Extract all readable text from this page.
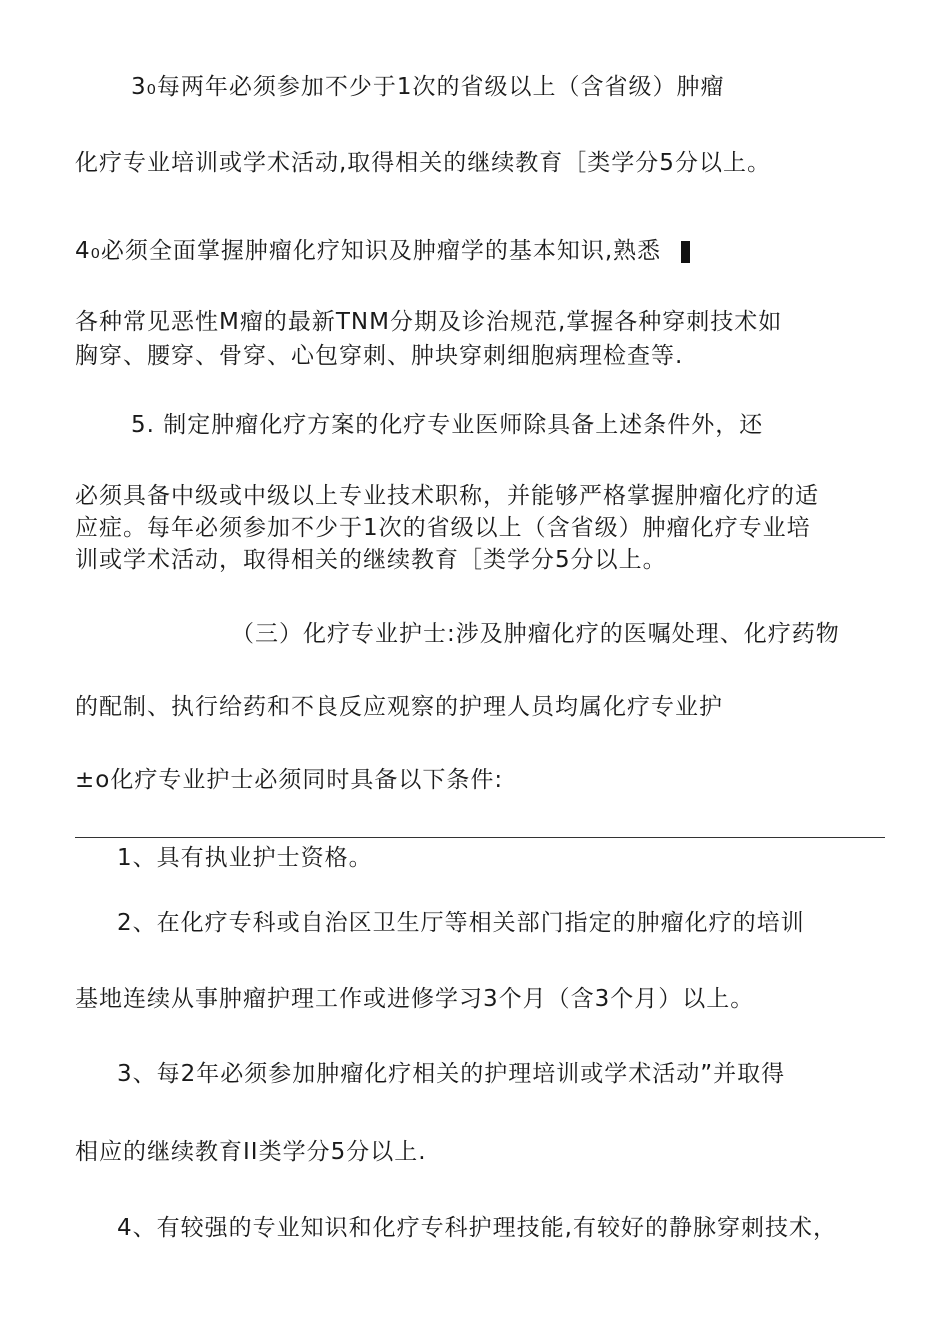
3₀每两年必须参加不少于1次的省级以上（含省级）肿瘤

化疗专业培训或学术活动,取得相关的继续教育［类学分5分以上。

4₀必须全面掌握肿瘤化疗知识及肿瘤学的基本知识,熟悉

各种常见恶性M瘤的最新TNM分期及诊治规范,掌握各种穿刺技术如

胸穿、腰穿、骨穿、心包穿刺、肿块穿刺细胞病理检查等.

5. 制定肿瘤化疗方案的化疗专业医师除具备上述条件外，还

必须具备中级或中级以上专业技术职称，并能够严格掌握肿瘤化疗的适

应症。每年必须参加不少于1次的省级以上（含省级）肿瘤化疗专业培

训或学术活动，取得相关的继续教育［类学分5分以上。

（三）化疗专业护士:涉及肿瘤化疗的医嘱处理、化疗药物

的配制、执行给药和不良反应观察的护理人员均属化疗专业护

±o化疗专业护士必须同时具备以下条件:

1、具有执业护士资格。

2、在化疗专科或自治区卫生厅等相关部门指定的肿瘤化疗的培训

基地连续从事肿瘤护理工作或进修学习3个月（含3个月）以上。

3、每2年必须参加肿瘤化疗相关的护理培训或学术活动”并取得

相应的继续教育II类学分5分以上.

4、有较强的专业知识和化疗专科护理技能,有较好的静脉穿刺技术，
